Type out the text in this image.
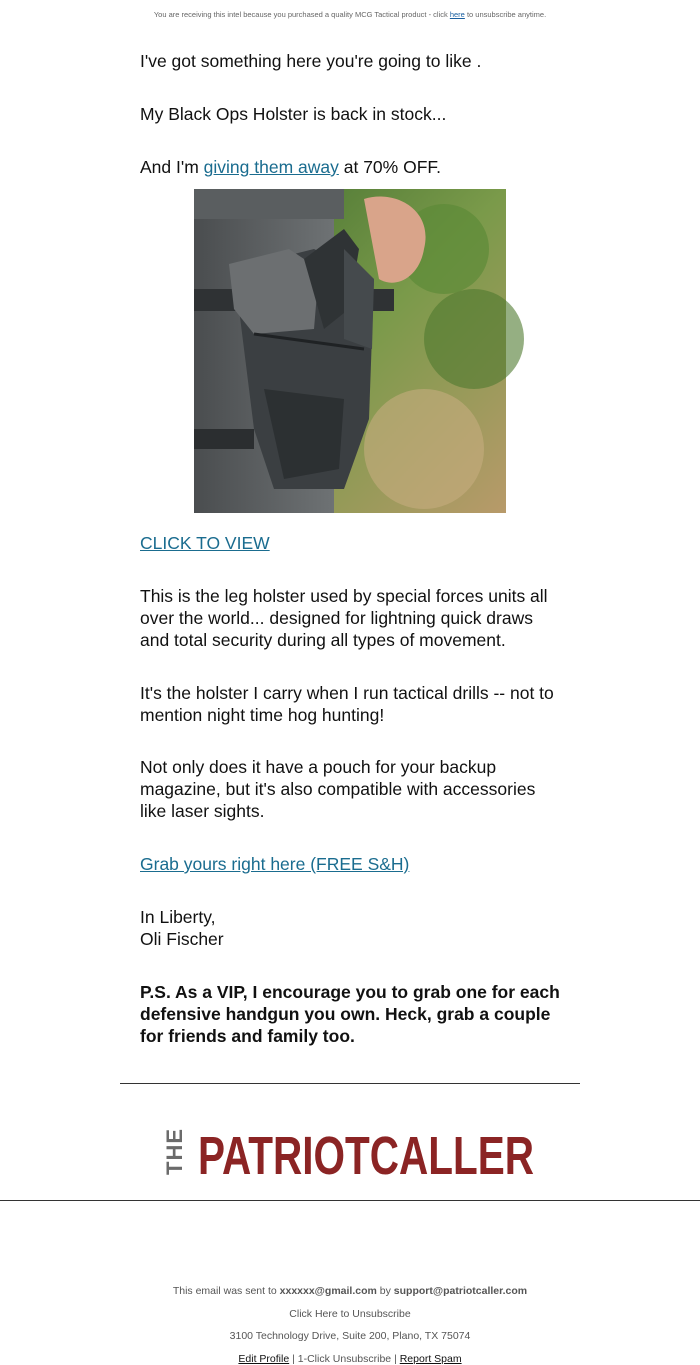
You are receiving this intel because you purchased a quality MCG Tactical product - click here to unsubscribe anytime.

I've got something here you're going to like .

My Black Ops Holster is back in stock...

And I'm giving them away at 70% OFF.

CLICK TO VIEW

This is the leg holster used by special forces units all over the world... designed for lightning quick draws and total security during all types of movement.

It's the holster I carry when I run tactical drills -- not to mention night time hog hunting!

Not only does it have a pouch for your backup magazine, but it's also compatible with accessories like laser sights.

Grab yours right here (FREE S&H)

In Liberty,
Oli Fischer

P.S. As a VIP, I encourage you to grab one for each defensive handgun you own. Heck, grab a couple for friends and family too.

THE PATRIOTCALLER
This email was sent to xxxxxx@gmail.com by support@patriotcaller.com
Click Here to Unsubscribe
3100 Technology Drive, Suite 200, Plano, TX 75074
Edit Profile | 1-Click Unsubscribe | Report Spam
